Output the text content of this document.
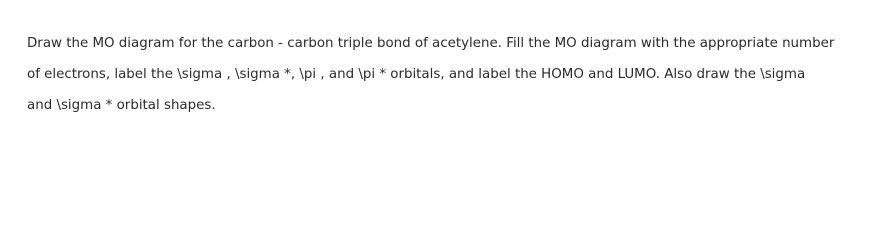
Draw the MO diagram for the carbon - carbon triple bond of acetylene. Fill the MO diagram with the appropriate number
of electrons, label the \sigma , \sigma *, \pi , and \pi * orbitals, and label the HOMO and LUMO. Also draw the \sigma
and \sigma * orbital shapes.
